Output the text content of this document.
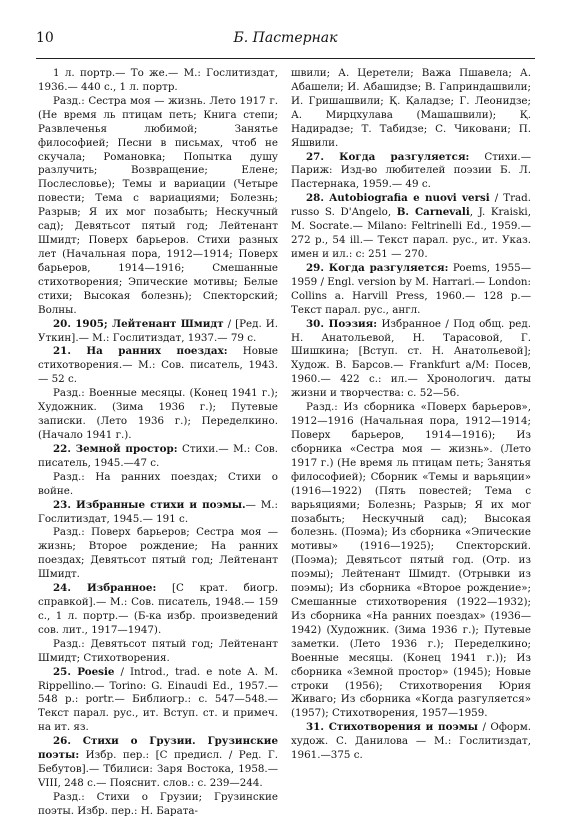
10	Б. Пастернак

1 л. портр.— То же.— М.: Гослитиздат, 1936.— 440 с., 1 л. портр.

Разд.: Сестра моя — жизнь. Лето 1917 г. (Не время ль птицам петь; Книга степи; Развлеченья любимой; Занятье философией; Песни в письмах, чтоб не скучала; Романовка; Попытка душу разлучить; Возвращение; Елене; Послесловье); Темы и вариации (Четыре повести; Тема с вариациями; Болезнь; Разрыв; Я их мог позабыть; Нескучный сад); Девятьсот пятый год; Лейтенант Шмидт; Поверх барьеров. Стихи разных лет (Начальная пора, 1912—1914; Поверх барьеров, 1914—1916; Смешанные стихотворения; Эпические мотивы; Белые стихи; Высокая болезнь); Спекторский; Волны.

20. 1905; Лейтенант Шмидт / [Ред. И. Уткин].— М.: Гослитиздат, 1937.— 79 с.

21. На ранних поездах: Новые стихотворения.— М.: Сов. писатель, 1943.— 52 с.

Разд.: Военные месяцы. (Конец 1941 г.); Художник. (Зима 1936 г.); Путевые записки. (Лето 1936 г.); Переделкино. (Начало 1941 г.).

22. Земной простор: Стихи.— М.: Сов. писатель, 1945.—47 с.

Разд.: На ранних поездах; Стихи о войне.

23. Избранные стихи и поэмы.— М.: Гослитиздат, 1945.— 191 с.

Разд.: Поверх барьеров; Сестра моя — жизнь; Второе рождение; На ранних поездах; Девятьсот пятый год; Лейтенант Шмидт.

24. Избранное: [С крат. биогр. справкой].— М.: Сов. писатель, 1948.— 159 с., 1 л. портр.— (Б-ка избр. произведений сов. лит., 1917—1947).

Разд.: Девятьсот пятый год; Лейтенант Шмидт; Стихотворения.

25. Poesie / Introd., trad. e note A. M. Rippellino.— Torino: G. Einaudi Ed., 1957.—548 p.: portr.— Библиогр.: с. 547—548.— Текст парал. рус., ит. Вступ. ст. и примеч. на ит. яз.

26. Стихи о Грузии. Грузинские поэты: Избр. пер.: [С предисл. / Ред. Г. Бебутов].— Тбилиси: Заря Востока, 1958.— VIII, 248 с.— Пояснит. слов.: с. 239—244.

Разд.: Стихи о Грузии; Грузинские поэты. Избр. пер.: Н. Барата-

швили; А. Церетели; Важа Пшавела; А. Абашели; И. Абашидзе; В. Гаприндашвили; И. Гришашвили; Қ. Қаладзе; Г. Леонидзе; А. Мирцхулава (Машашвили); Қ. Надирадзе; Т. Табидзе; С. Чиковани; П. Яшвили.

27. Когда разгуляется: Стихи.— Париж: Изд-во любителей поэзии Б. Л. Пастернака, 1959.— 49 с.

28. Autobiografia e nuovi versi / Trad. russo S. D'Angelo, B. Carnevali, J. Kraiski, M. Socrate.— Milano: Feltrinelli Ed., 1959.— 272 р., 54 ill.— Текст парал. рус., ит. Указ. имен и ил.: с: 251 — 270.

29. Когда разгуляется: Poems, 1955—1959 / Engl. version by M. Harrari.— London: Collins a. Harvill Press, 1960.— 128 р.— Текст парал. рус., англ.

30. Поэзия: Избранное / Под общ. ред. Н. Анатольевой, Н. Тарасовой, Г. Шишкина; [Вступ. ст. Н. Анатольевой]; Худож. В. Барсов.— Frankfurt a/M: Посев, 1960.— 422 с.: ил.— Хронологич. даты жизни и творчества: с. 52—56.

Разд.: Из сборника «Поверх барьеров», 1912—1916 (Начальная пора, 1912—1914; Поверх барьеров, 1914—1916); Из сборника «Сестра моя — жизнь». (Лето 1917 г.) (Не время ль птицам петь; Занятья философией); Сборник «Темы и варьяции» (1916—1922) (Пять повестей; Тема с варьяциями; Болезнь; Разрыв; Я их мог позабыть; Нескучный сад); Высокая болезнь. (Поэма); Из сборника «Эпические мотивы» (1916—1925); Спекторский. (Поэма); Девятьсот пятый год. (Отр. из поэмы); Лейтенант Шмидт. (Отрывки из поэмы); Из сборника «Второе рождение»; Смешанные стихотворения (1922—1932); Из сборника «На ранних поездах» (1936—1942) (Художник. (Зима 1936 г.); Путевые заметки. (Лето 1936 г.); Переделкино; Военные месяцы. (Конец 1941 г.)); Из сборника «Земной простор» (1945); Новые строки (1956); Стихотворения Юрия Живаго; Из сборника «Когда разгуляется» (1957); Стихотворения, 1957—1959.

31. Стихотворения и поэмы / Оформ. худож. С. Данилова — М.: Гослитиздат, 1961.—375 с.
